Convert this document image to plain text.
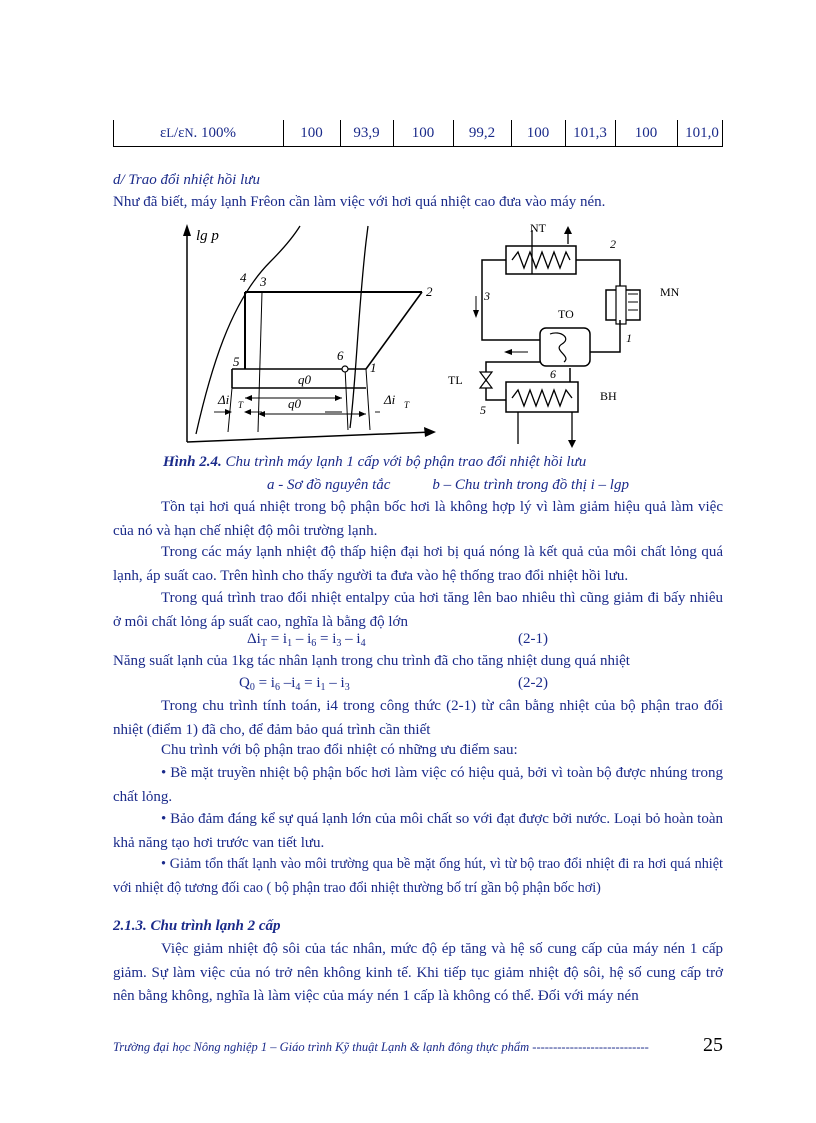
ε L /ε N . 100%	100	93,9	100	99,2	100	101,3	100	101,0
d/ Trao đổi nhiệt hồi lưu
Như đã biết, máy lạnh Frêon cần làm việc với hơi quá nhiệt cao đưa vào máy nén.
lg p
4 3
2
5	6
1
q0
q0
Δi T	Δi T
NT
2
3	MN
1
TO
TL
5
6
BH
Hình 2.4. Chu trình máy lạnh 1 cấp với bộ phận trao đổi nhiệt hồi lưu
a - Sơ đồ nguyên tắc	b – Chu trình trong đồ thị i – lgp
Tồn tại hơi quá nhiệt trong bộ phận bốc hơi là không hợp lý vì làm giảm hiệu quả làm việc của nó và hạn chế nhiệt độ môi trường lạnh.
Trong các máy lạnh nhiệt độ thấp hiện đại hơi bị quá nóng là kết quả của môi chất lỏng quá lạnh, áp suất cao. Trên hình cho thấy người ta đưa vào hệ thống trao đổi nhiệt hồi lưu.
Trong quá trình trao đổi nhiệt entalpy của hơi tăng lên bao nhiêu thì cũng giảm đi bấy nhiêu ở môi chất lỏng áp suất cao, nghĩa là bằng độ lớn
$\Delta i_T = i_1 - i_6 = i_3 - i_4$	(2-1)
Năng suất lạnh của 1kg tác nhân lạnh trong chu trình đã cho tăng nhiệt dung quá nhiệt
$Q_0 = i_6$ $-i_4 = i_1 - i_3$	(2-2)
Trong chu trình tính toán, i4 trong công thức (2-1) từ cân bằng nhiệt của bộ phận trao đổi nhiệt (điểm 1) đã cho, để đảm bảo quá trình cần thiết
Chu trình với bộ phận trao đổi nhiệt có những ưu điểm sau:
• Bề mặt truyền nhiệt bộ phận bốc hơi làm việc có hiệu quả, bởi vì toàn bộ được nhúng trong chất lỏng.
• Bảo đảm đáng kể sự quá lạnh lớn của môi chất so với đạt được bởi nước. Loại bỏ hoàn toàn khả năng tạo hơi trước van tiết lưu.
• Giảm tổn thất lạnh vào môi trường qua bề mặt ống hút, vì từ bộ trao đổi nhiệt đi ra hơi quá nhiệt với nhiệt độ tương đối cao ( bộ phận trao đổi nhiệt thường bố trí gần bộ phận bốc hơi)
2.1.3. Chu trình lạnh 2 cấp
Việc giảm nhiệt độ sôi của tác nhân, mức độ ép tăng và hệ số cung cấp của máy nén 1 cấp giảm. Sự làm việc của nó trở nên không kinh tế. Khi tiếp tục giảm nhiệt độ sôi, hệ số cung cấp trở nên bằng không, nghĩa là làm việc của máy nén 1 cấp là không có thể. Đối với máy nén
Trường đại học Nông nghiệp 1 – Giáo trình Kỹ thuật Lạnh & lạnh đông thực phẩm ----------------------------	25
